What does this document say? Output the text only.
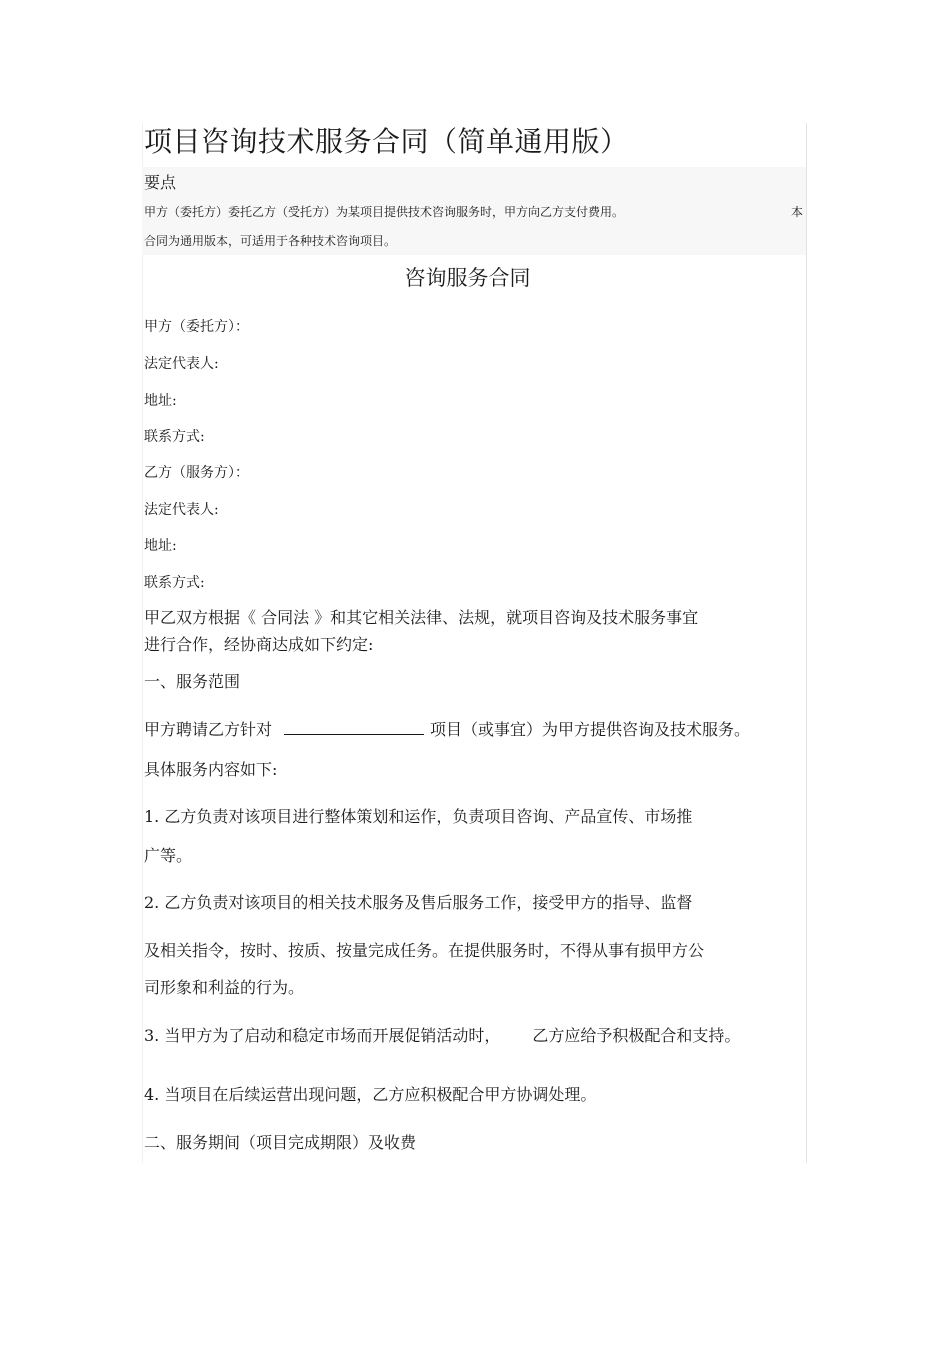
项目咨询技术服务合同（简单通用版）
要点
甲方（委托方）委托乙方（受托方）为某项目提供技术咨询服务时，甲方向乙方支付费用。	本
合同为通用版本，可适用于各种技术咨询项目。
咨询服务合同
甲方（委托方）：
法定代表人:
地址:
联系方式:
乙方（服务方）：
法定代表人:
地址:
联系方式:
甲乙双方根据《 合同法 》和其它相关法律、法规，就项目咨询及技术服务事宜
进行合作，经协商达成如下约定:
一、服务范围
甲方聘请乙方针对	项目（或事宜）为甲方提供咨询及技术服务。
具体服务内容如下:
1. 乙方负责对该项目进行整体策划和运作，负责项目咨询、产品宣传、市场推
广等。
2. 乙方负责对该项目的相关技术服务及售后服务工作，接受甲方的指导、监督
及相关指令，按时、按质、按量完成任务。在提供服务时，不得从事有损甲方公
司形象和利益的行为。
3. 当甲方为了启动和稳定市场而开展促销活动时， 乙方应给予积极配合和支持。
4. 当项目在后续运营出现问题，乙方应积极配合甲方协调处理。
二、服务期间（项目完成期限）及收费
